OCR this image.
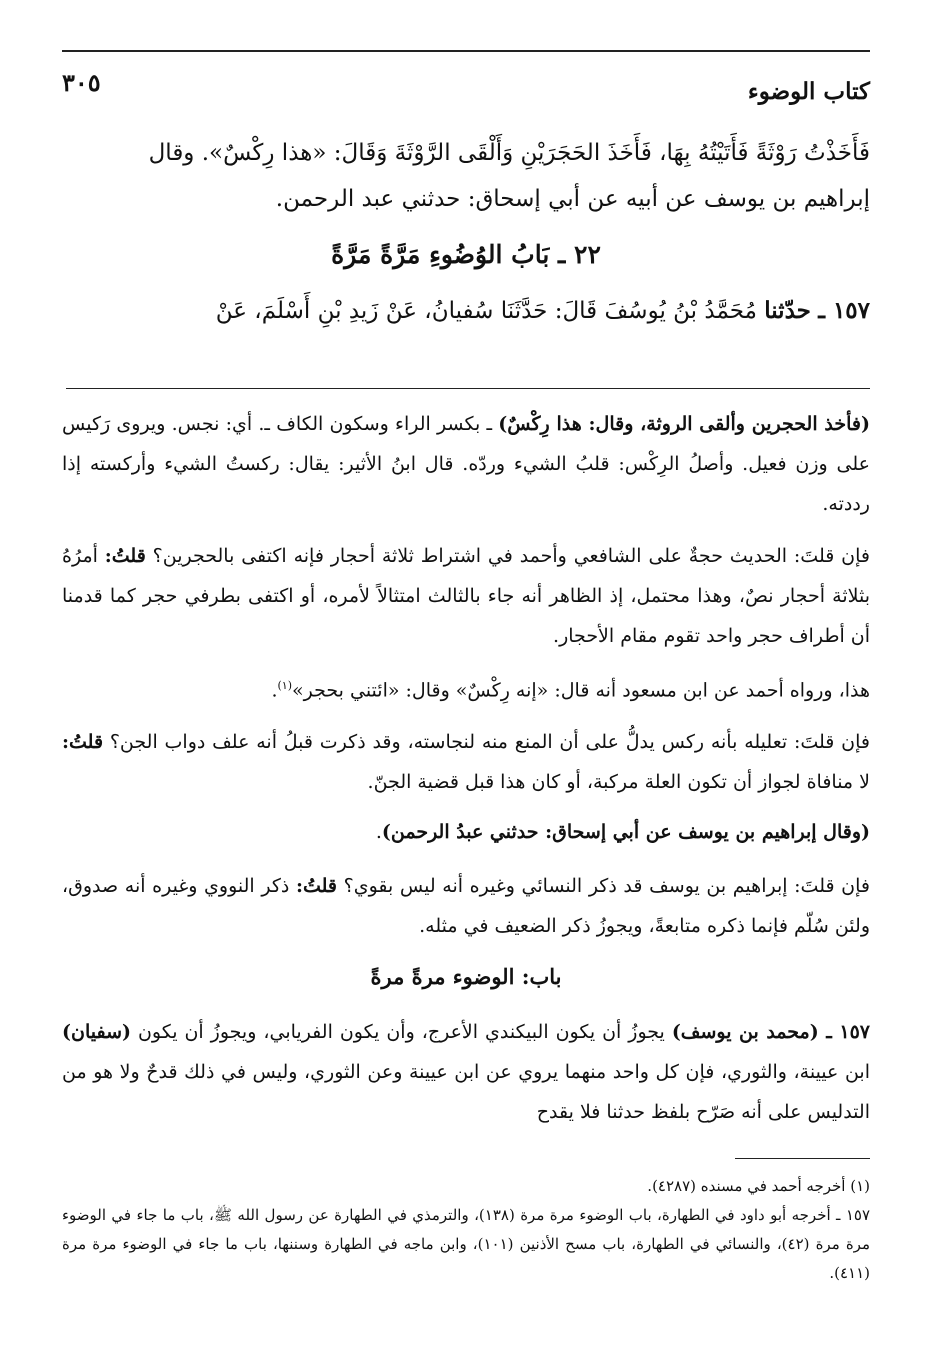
كتاب الوضوء
٣٠٥
فَأَخَذْتُ رَوْثَةً فَأَتَيْتُهُ بِهَا، فَأَخَذَ الحَجَرَيْنِ وَأَلْقَى الرَّوْثَةَ وَقَالَ: «هذا رِكْسٌ». وقال
إبراهيم بن يوسف عن أبيه عن أبي إسحاق: حدثني عبد الرحمن.
٢٢ ـ بَابُ الوُضُوءِ مَرَّةً مَرَّةً
١٥٧ ـ حدّثنا مُحَمَّدُ بْنُ يُوسُفَ قَالَ: حَدَّثَنَا سُفيانُ، عَنْ زَيدِ بْنِ أَسْلَمَ، عَنْ
(فأخذ الحجرين وألقى الروثة، وقال: هذا رِكْسٌ) ـ بكسر الراء وسكون الكاف ـ. أي: نجس. ويروى رَكيس على وزن فعيل. وأصلُ الرِكْس: قلبُ الشيء وردّه. قال ابنُ الأثير: يقال: ركستُ الشيء وأركسته إذا رددته.
فإن قلتَ: الحديث حجةٌ على الشافعي وأحمد في اشتراط ثلاثة أحجار فإنه اكتفى بالحجرين؟ قلتُ: أمرُهُ بثلاثة أحجار نصٌ، وهذا محتمل، إذ الظاهر أنه جاء بالثالث امتثالاً لأمره، أو اكتفى بطرفي حجر كما قدمنا أن أطراف حجر واحد تقوم مقام الأحجار.
هذا، ورواه أحمد عن ابن مسعود أنه قال: «إنه رِكْسٌ» وقال: «ائتني بحجر»$^{(١)}$.
فإن قلتَ: تعليله بأنه ركس يدلُّ على أن المنع منه لنجاسته، وقد ذكرت قبلُ أنه علف دواب الجن؟ قلتُ: لا منافاة لجواز أن تكون العلة مركبة، أو كان هذا قبل قضية الجنّ.
(وقال إبراهيم بن يوسف عن أبي إسحاق: حدثني عبدُ الرحمن).
فإن قلتَ: إبراهيم بن يوسف قد ذكر النسائي وغيره أنه ليس بقوي؟ قلتُ: ذكر النووي وغيره أنه صدوق، ولئن سُلّم فإنما ذكره متابعةً، ويجوزُ ذكر الضعيف في مثله.
باب: الوضوء مرةً مرةً
١٥٧ ـ (محمد بن يوسف) يجوزُ أن يكون البيكندي الأعرج، وأن يكون الفريابي، ويجوزُ أن يكون (سفيان) ابن عيينة، والثوري، فإن كل واحد منهما يروي عن ابن عيينة وعن الثوري، وليس في ذلك قدحٌ ولا هو من التدليس على أنه صَرّح بلفظ حدثنا فلا يقدح
(١) أخرجه أحمد في مسنده (٤٢٨٧).
١٥٧ ـ أخرجه أبو داود في الطهارة، باب الوضوء مرة مرة (١٣٨)، والترمذي في الطهارة عن رسول الله ﷺ، باب ما جاء في الوضوء مرة مرة (٤٢)، والنسائي في الطهارة، باب مسح الأذنين (١٠١)، وابن ماجه في الطهارة وسننها، باب ما جاء في الوضوء مرة مرة (٤١١).
